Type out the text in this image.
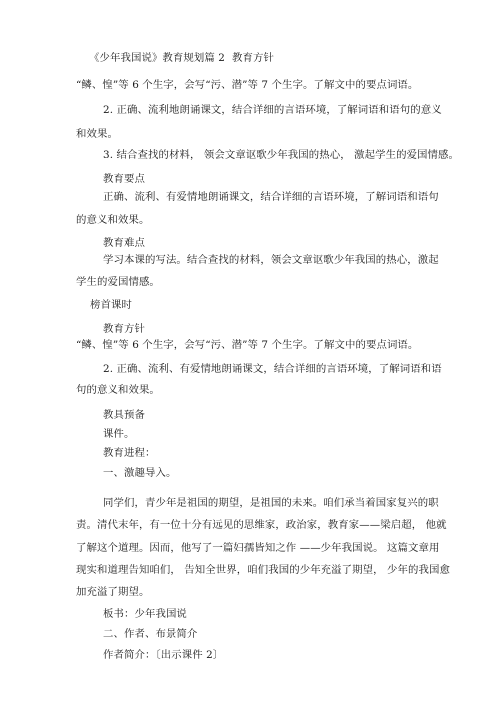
《少年我国说》教育规划篇 2 教育方针
“鳞、惶”等 6 个生字，会写“污、潜”等 7 个生字。了解文中的要点词语。
2. 正确、流利地朗诵课文，结合详细的言语环境，了解词语和语句的意义
和效果。
3. 结合查找的材料， 领会文章讴歌少年我国的热心， 激起学生的爱国情感。
教育要点
正确、流利、有爱情地朗诵课文，结合详细的言语环境，了解词语和语句
的意义和效果。
教育难点
学习本课的写法。结合查找的材料，领会文章讴歌少年我国的热心，激起
学生的爱国情感。
榜首课时
教育方针
“鳞、惶”等 6 个生字，会写“污、潜”等 7 个生字。了解文中的要点词语。
2. 正确、流利、有爱情地朗诵课文，结合详细的言语环境，了解词语和语
句的意义和效果。
教具预备
课件。
教育进程：
一、激趣导入。
同学们，青少年是祖国的期望，是祖国的未来。咱们承当着国家复兴的职
责。清代末年，有一位十分有远见的思维家，政治家，教育家——梁启超， 他就
了解这个道理。因而，他写了一篇妇孺皆知之作 ——少年我国说。 这篇文章用
现实和道理告知咱们， 告知全世界，咱们我国的少年充溢了期望， 少年的我国愈
加充溢了期望。
板书：少年我国说
二、作者、布景简介
作者简介：〔出示课件 2〕
